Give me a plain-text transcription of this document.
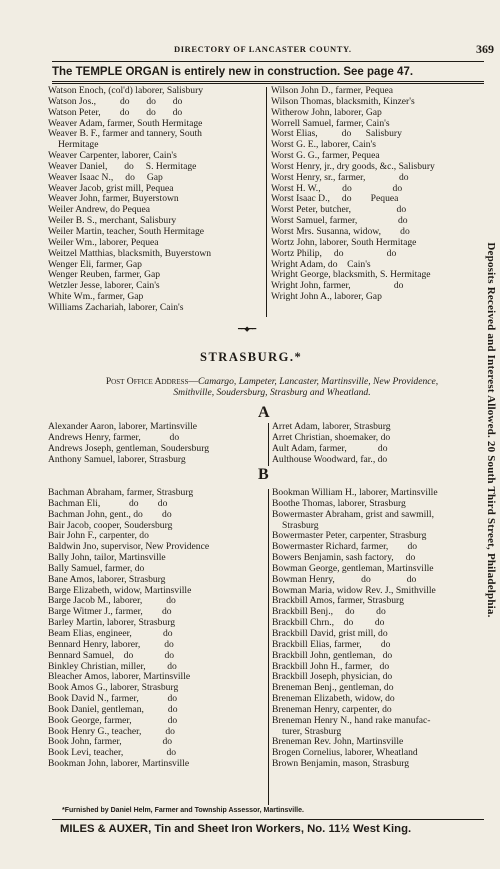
DIRECTORY OF LANCASTER COUNTY.	369
The TEMPLE ORGAN is entirely new in construction. See page 47.
Watson Enoch, (col'd) laborer, Salisbury
Watson Jos.,          do       do       do
Watson Peter,        do       do       do
Weaver Adam, farmer, South Hermitage
Weaver B. F., farmer and tannery, South
Hermitage
Weaver Carpenter, laborer, Cain's
Weaver Daniel,       do     S. Hermitage
Weaver Isaac N.,     do     Gap
Weaver Jacob, grist mill, Pequea
Weaver John, farmer, Buyerstown
Weiler Andrew, do Pequea
Weiler B. S., merchant, Salisbury
Weiler Martin, teacher, South Hermitage
Weiler Wm., laborer, Pequea
Weitzel Matthias, blacksmith, Buyerstown
Wenger Eli, farmer, Gap
Wenger Reuben, farmer, Gap
Wetzler Jesse, laborer, Cain's
White Wm., farmer, Gap
Williams Zachariah, laborer, Cain's
Wilson John D., farmer, Pequea
Wilson Thomas, blacksmith, Kinzer's
Witherow John, laborer, Gap
Worrell Samuel, farmer, Cain's
Worst Elias,          do      Salisbury
Worst G. E., laborer, Cain's
Worst G. G., farmer, Pequea
Worst Henry, jr., dry goods, &c., Salisbury
Worst Henry, sr., farmer,              do
Worst H. W.,         do                 do
Worst Isaac D.,     do        Pequea
Worst Peter, butcher,                   do
Worst Samuel, farmer,                 do
Worst Mrs. Susanna, widow,        do
Wortz John, laborer, South Hermitage
Wortz Philip,     do                  do
Wright Adam, do    Cain's
Wright George, blacksmith, S. Hermitage
Wright John, farmer,                  do
Wright John A., laborer, Gap
━━◆━━
STRASBURG.*
Post Office Address—Camargo, Lampeter, Lancaster, Martinsville, New Providence,
Smithville, Soudersburg, Strasburg and Wheatland.
A
Alexander Aaron, laborer, Martinsville
Andrews Henry, farmer,            do
Andrews Joseph, gentleman, Soudersburg
Anthony Samuel, laborer, Strasburg
Arret Adam, laborer, Strasburg
Arret Christian, shoemaker, do
Ault Adam, farmer,             do
Aulthouse Woodward, far., do
B
Bachman Abraham, farmer, Strasburg
Bachman Eli,            do        do
Bachman John, gent., do        do
Bair Jacob, cooper, Soudersburg
Bair John F., carpenter, do
Baldwin Jno, supervisor, New Providence
Bally John, tailor, Martinsville
Bally Samuel, farmer, do
Bane Amos, laborer, Strasburg
Barge Elizabeth, widow, Martinsville
Barge Jacob M., laborer,          do
Barge Witmer J., farmer,        do
Barley Martin, laborer, Strasburg
Beam Elias, engineer,             do
Bennard Henry, laborer,          do
Bennard Samuel,    do             do
Binkley Christian, miller,         do
Bleacher Amos, laborer, Martinsville
Book Amos G., laborer, Strasburg
Book David N., farmer,            do
Book Daniel, gentleman,          do
Book George, farmer,               do
Book Henry G., teacher,          do
Book John, farmer,                 do
Book Levi, teacher,                  do
Bookman John, laborer, Martinsville
Bookman William H., laborer, Martinsville
Boothe Thomas, laborer, Strasburg
Bowermaster Abraham, grist and sawmill,
Strasburg
Bowermaster Peter, carpenter, Strasburg
Bowermaster Richard, farmer,        do
Bowers Benjamin, sash factory,     do
Bowman George, gentleman, Martinsville
Bowman Henry,           do               do
Bowman Maria, widow Rev. J., Smithville
Brackbill Amos, farmer, Strasburg
Brackbill Benj.,     do         do
Brackbill Chrn.,    do         do
Brackbill David, grist mill, do
Brackbill Elias, farmer,        do
Brackbill John, gentleman,   do
Brackbill John H., farmer,   do
Brackbill Joseph, physician, do
Breneman Benj., gentleman, do
Breneman Elizabeth, widow, do
Breneman Henry, carpenter, do
Breneman Henry N., hand rake manufac-
turer, Strasburg
Breneman Rev. John, Martinsville
Brogen Cornelius, laborer, Wheatland
Brown Benjamin, mason, Strasburg
*Furnished by Daniel Helm, Farmer and Township Assessor, Martinsville.
MILES & AUXER, Tin and Sheet Iron Workers, No. 11½ West King.
Deposits Received and Interest Allowed. 20 South Third Street, Philadelphia.
